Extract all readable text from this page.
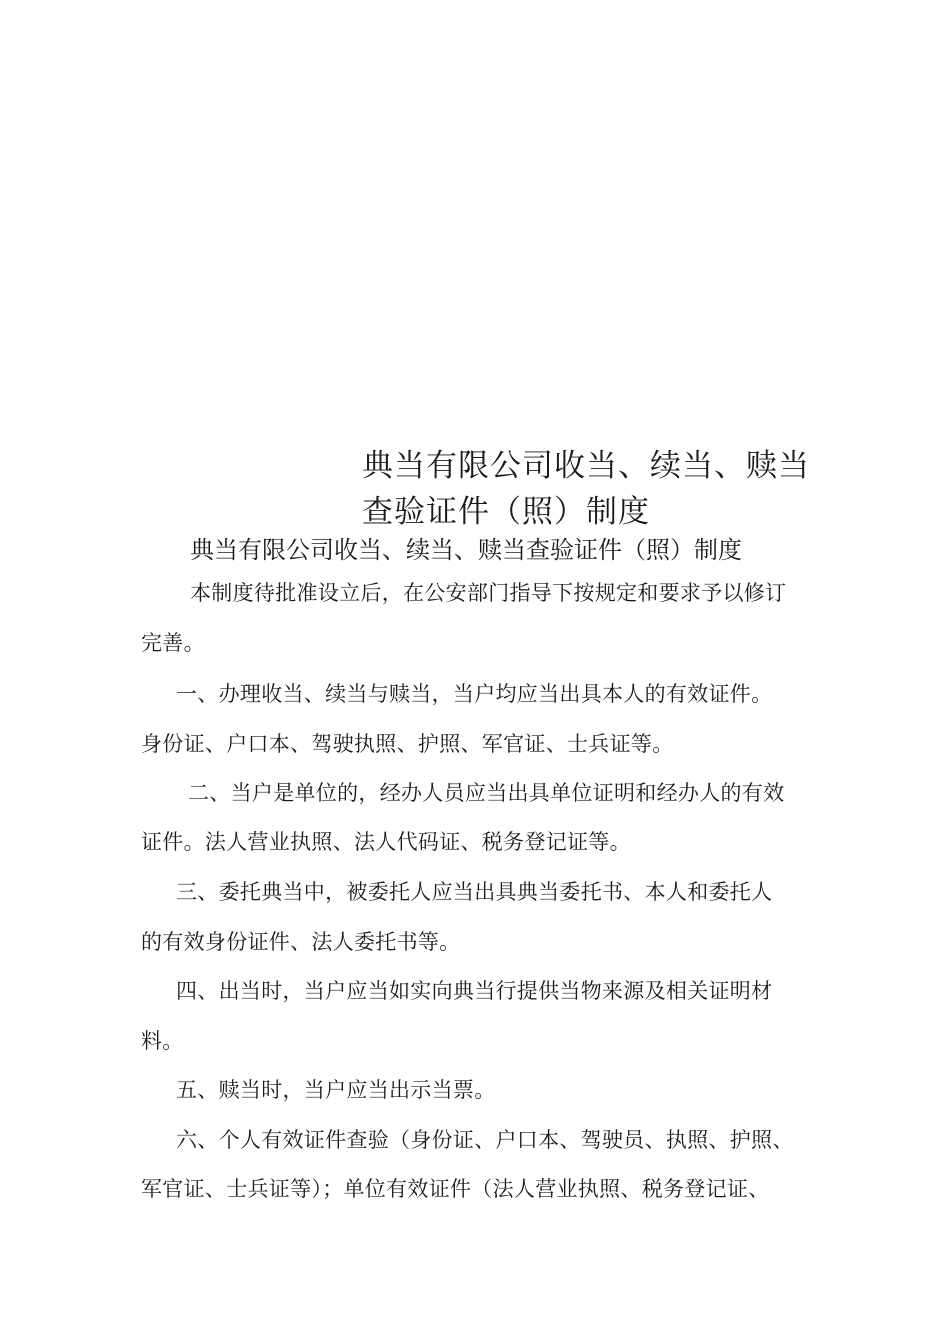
典当有限公司收当、续当、赎当
查验证件（照）制度
典当有限公司收当、续当、赎当查验证件（照）制度
本制度待批准设立后，在公安部门指导下按规定和要求予以修订
完善。
一、办理收当、续当与赎当，当户均应当出具本人的有效证件。
身份证、户口本、驾驶执照、护照、军官证、士兵证等。
二、当户是单位的，经办人员应当出具单位证明和经办人的有效
证件。法人营业执照、法人代码证、税务登记证等。
三、委托典当中，被委托人应当出具典当委托书、本人和委托人
的有效身份证件、法人委托书等。
四、出当时，当户应当如实向典当行提供当物来源及相关证明材
料。
五、赎当时，当户应当出示当票。
六、个人有效证件查验（身份证、户口本、驾驶员、执照、护照、
军官证、士兵证等）；单位有效证件（法人营业执照、税务登记证、
